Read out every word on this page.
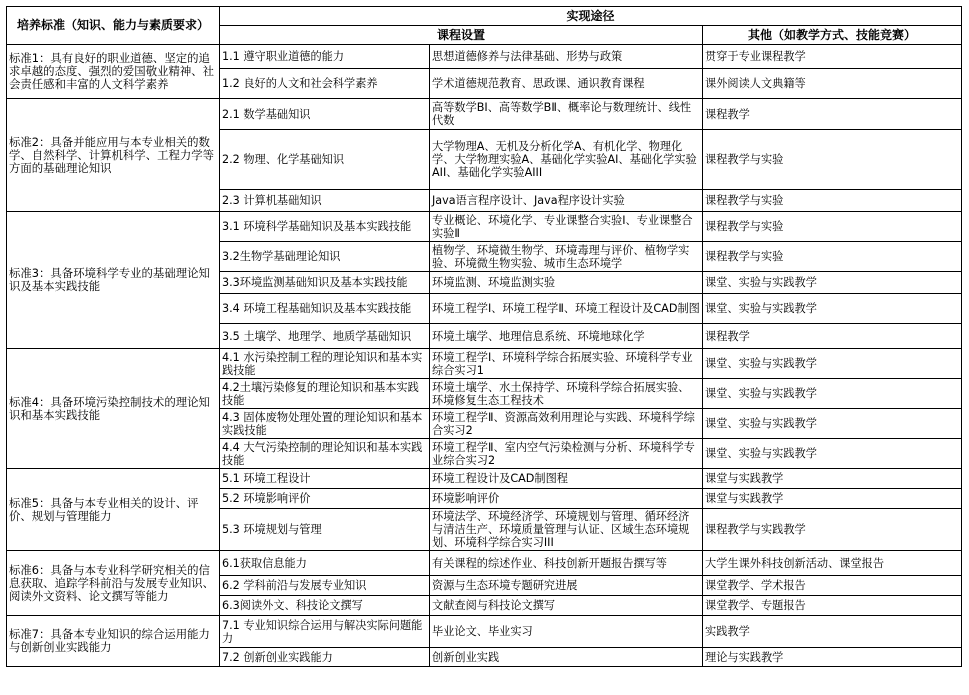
培养标准（知识、能力与素质要求）	实现途径		
	课程设置		其他（如教学方式、技能竞赛）
标准1：具有良好的职业道德、坚定的追求卓越的态度、强烈的爱国敬业精神、社会责任感和丰富的人文科学素养	1.1 遵守职业道德的能力	思想道德修养与法律基础、形势与政策	贯穿于专业课程教学
	1.2 良好的人文和社会科学素养	学术道德规范教育、思政课、通识教育课程	课外阅读人文典籍等
标准2：具备并能应用与本专业相关的数学、自然科学、计算机科学、工程力学等方面的基础理论知识	2.1 数学基础知识	高等数学BⅠ、高等数学BⅡ、概率论与数理统计、线性代数	课程教学
	2.2 物理、化学基础知识	大学物理A、无机及分析化学A、有机化学、物理化学、大学物理实验A、基础化学实验AI、基础化学实验AII、基础化学实验AIII	课程教学与实验
	2.3 计算机基础知识	Java语言程序设计、Java程序设计实验	课程教学与实验
标准3：具备环境科学专业的基础理论知识及基本实践技能	3.1 环境科学基础知识及基本实践技能	专业概论、环境化学、专业课整合实验Ⅰ、专业课整合实验Ⅱ	课程教学与实验
	3.2生物学基础理论知识	植物学、环境微生物学、环境毒理与评价、植物学实验、环境微生物实验、城市生态环境学	课程教学与实验
	3.3环境监测基础知识及基本实践技能	环境监测、环境监测实验	课堂、实验与实践教学
	3.4 环境工程基础知识及基本实践技能	环境工程学Ⅰ、环境工程学Ⅱ、环境工程设计及CAD制图	课堂、实验与实践教学
	3.5 土壤学、地理学、地质学基础知识	环境土壤学、地理信息系统、环境地球化学	课程教学
标准4：具备环境污染控制技术的理论知识和基本实践技能	4.1 水污染控制工程的理论知识和基本实践技能	环境工程学Ⅰ、环境科学综合拓展实验、环境科学专业综合实习1	课堂、实验与实践教学
	4.2土壤污染修复的理论知识和基本实践技能	环境土壤学、水土保持学、环境科学综合拓展实验、环境修复生态工程技术	课堂、实验与实践教学
	4.3 固体废物处理处置的理论知识和基本实践技能	环境工程学Ⅱ、资源高效利用理论与实践、环境科学综合实习2	课堂、实验与实践教学
	4.4 大气污染控制的理论知识和基本实践技能	环境工程学Ⅱ、室内空气污染检测与分析、环境科学专业综合实习2	课堂、实验与实践教学
标准5：具备与本专业相关的设计、评价、规划与管理能力	5.1 环境工程设计	环境工程设计及CAD制图程	课堂与实践教学
	5.2 环境影响评价	环境影响评价	课堂与实践教学
	5.3 环境规划与管理	环境法学、环境经济学、环境规划与管理、循环经济与清洁生产、环境质量管理与认证、区域生态环境规划、环境科学综合实习III	课程教学与实践教学
标准6：具备与本专业科学研究相关的信息获取、追踪学科前沿与发展专业知识、阅读外文资料、论文撰写等能力	6.1获取信息能力	有关课程的综述作业、科技创新开题报告撰写等	大学生课外科技创新活动、课堂报告
	6.2 学科前沿与发展专业知识	资源与生态环境专题研究进展	课堂教学、学术报告
	6.3阅读外文、科技论文撰写	文献查阅与科技论文撰写	课堂教学、专题报告
标准7：具备本专业知识的综合运用能力与创新创业实践能力	7.1 专业知识综合运用与解决实际问题能力	毕业论文、毕业实习	实践教学
	7.2 创新创业实践能力	创新创业实践	理论与实践教学
